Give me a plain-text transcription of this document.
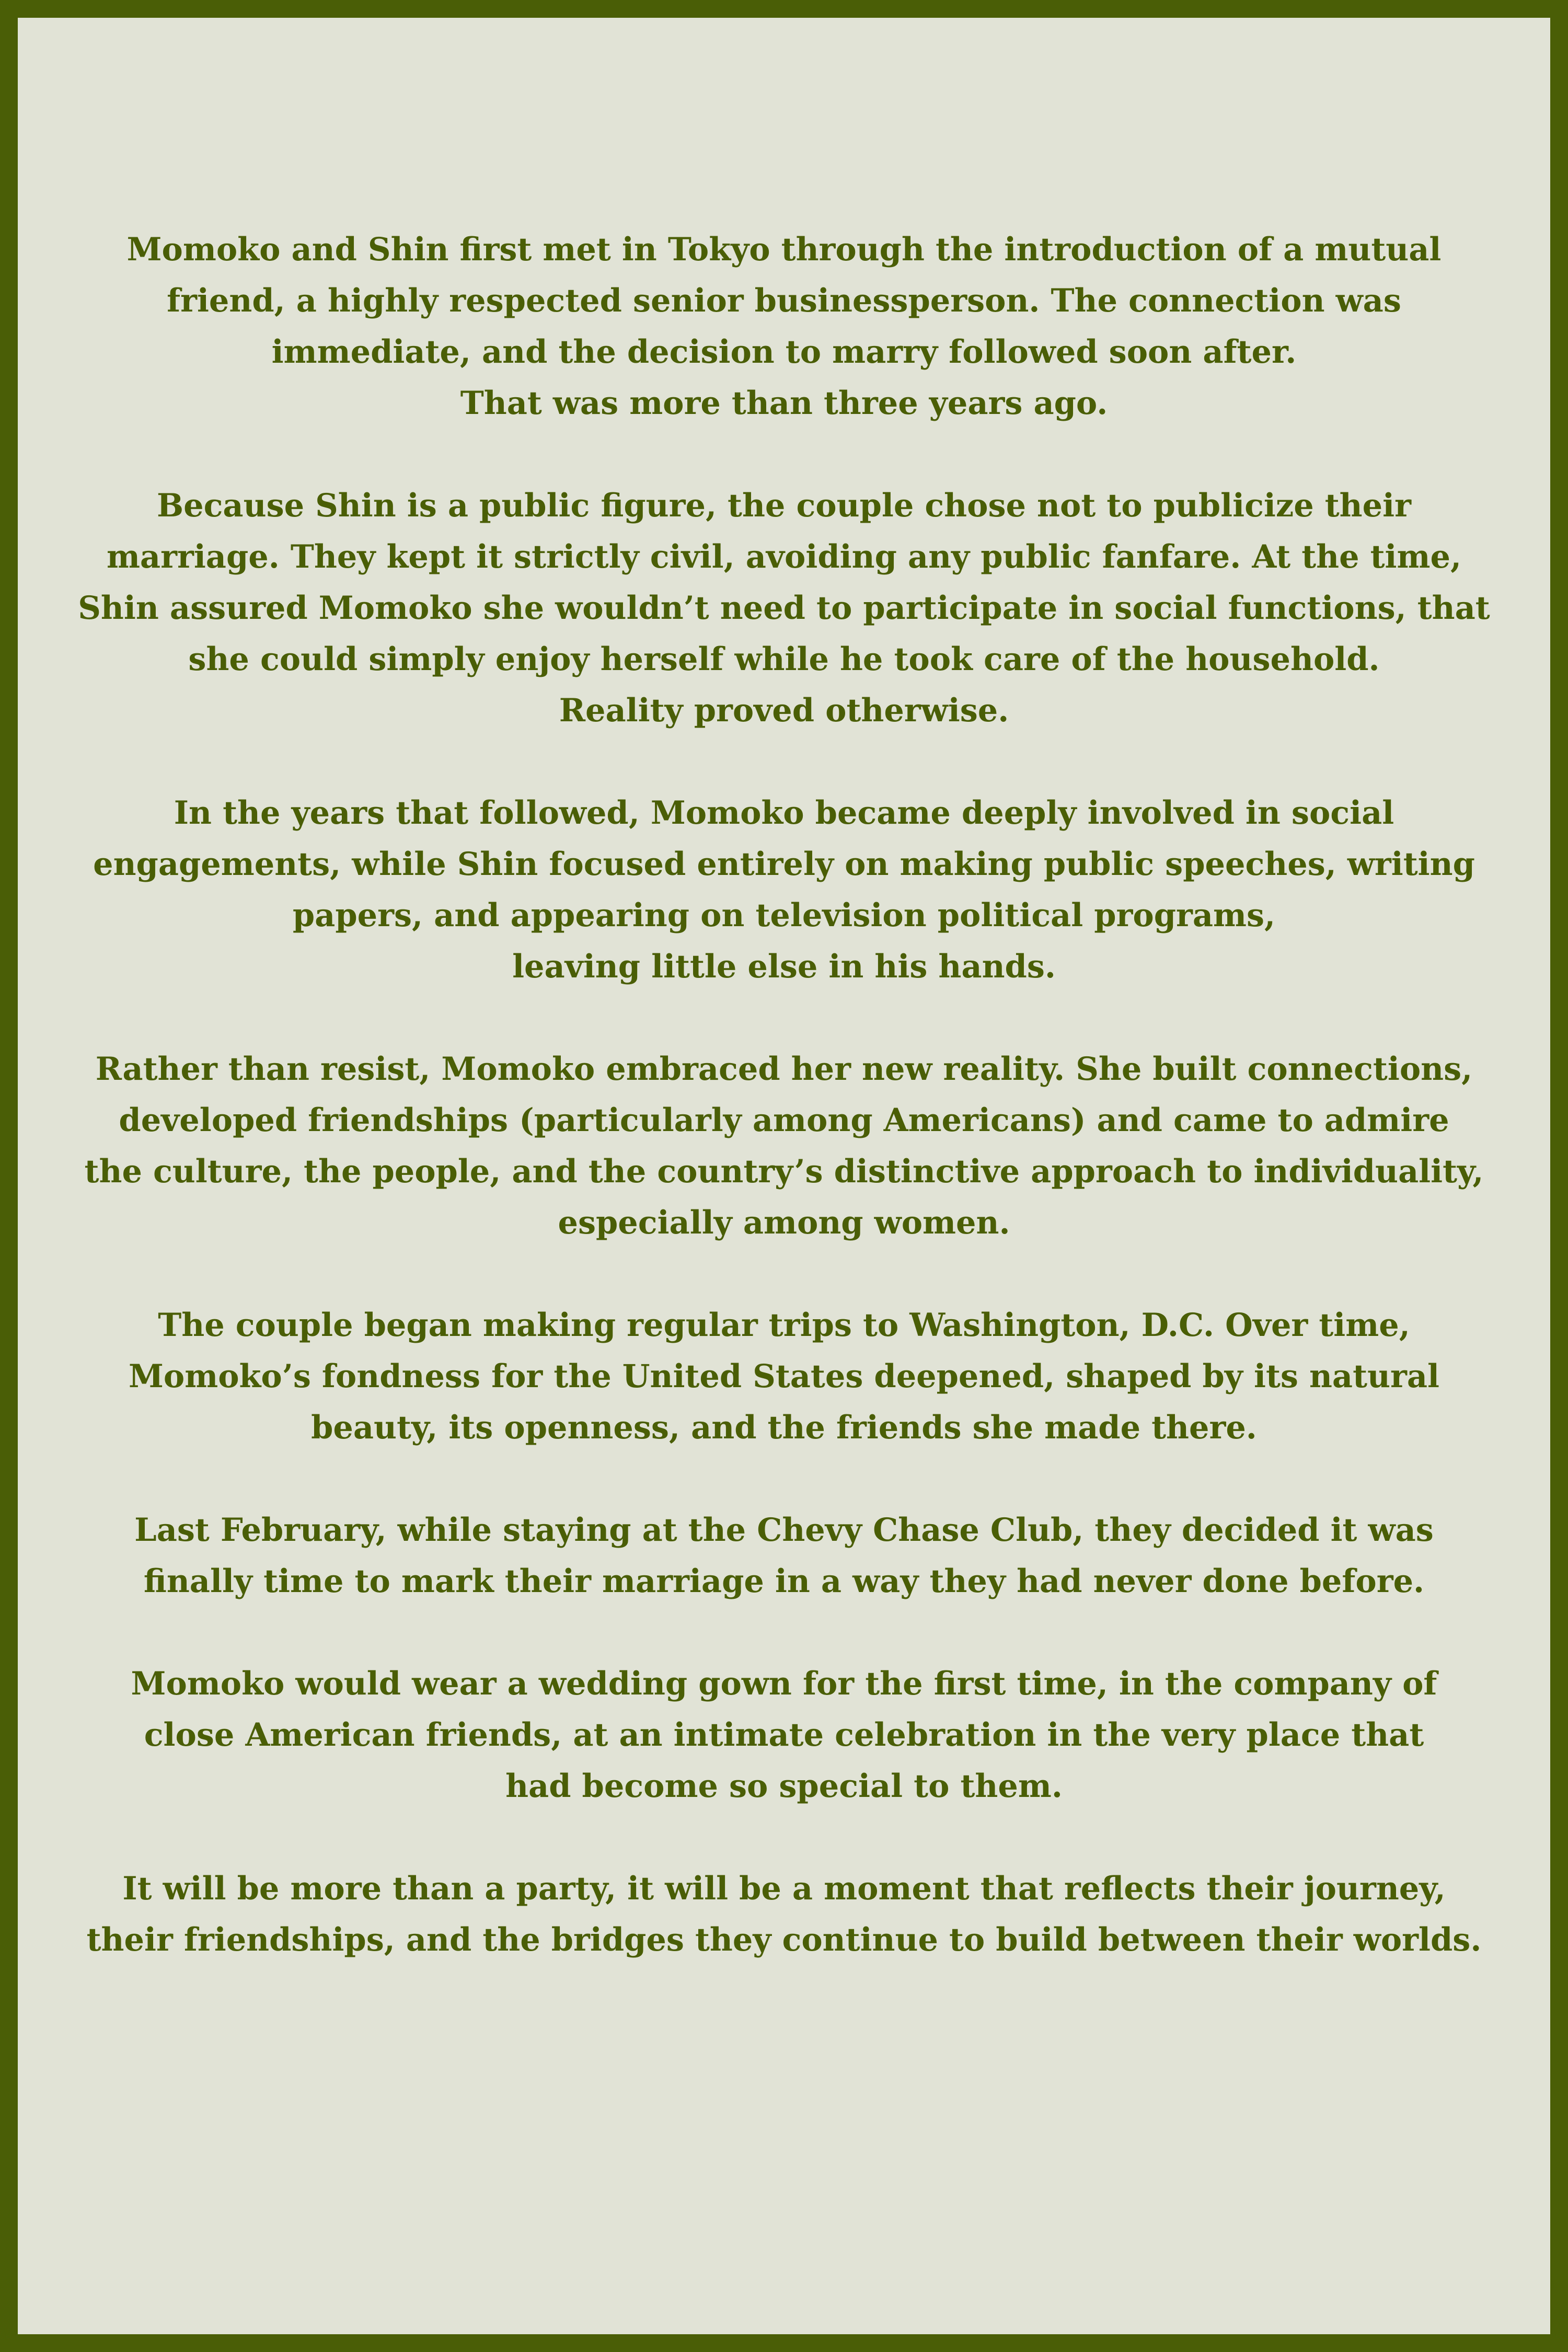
Momoko and Shin first met in Tokyo through the introduction of a mutual
friend, a highly respected senior businessperson. The connection was
immediate, and the decision to marry followed soon after.
That was more than three years ago.

Because Shin is a public figure, the couple chose not to publicize their
marriage. They kept it strictly civil, avoiding any public fanfare. At the time,
Shin assured Momoko she wouldn’t need to participate in social functions, that
she could simply enjoy herself while he took care of the household.
Reality proved otherwise.

In the years that followed, Momoko became deeply involved in social
engagements, while Shin focused entirely on making public speeches, writing
papers, and appearing on television political programs,
leaving little else in his hands.

Rather than resist, Momoko embraced her new reality. She built connections,
developed friendships (particularly among Americans) and came to admire
the culture, the people, and the country’s distinctive approach to individuality,
especially among women.

The couple began making regular trips to Washington, D.C. Over time,
Momoko’s fondness for the United States deepened, shaped by its natural
beauty, its openness, and the friends she made there.

Last February, while staying at the Chevy Chase Club, they decided it was
finally time to mark their marriage in a way they had never done before.

Momoko would wear a wedding gown for the first time, in the company of
close American friends, at an intimate celebration in the very place that
had become so special to them.

It will be more than a party, it will be a moment that reflects their journey,
their friendships, and the bridges they continue to build between their worlds.
